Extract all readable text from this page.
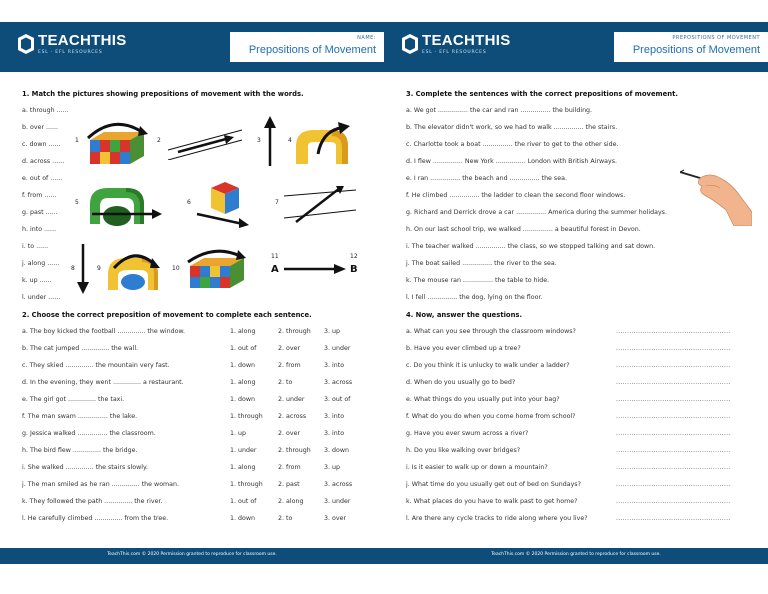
TEACHTHIS
ESL · EFL RESOURCES
NAME:
Prepositions of Movement
1. Match the pictures showing prepositions of movement with the words.
a. through ......
b. over ......
c. down ......
d. across ......
e. out of ......
f. from ......
g. past ......
h. into ......
i. to ......
j. along ......
k. up ......
l. under ......
1	2	3	4
5	6	7
8	9	10
11	12
A	B
2. Choose the correct preposition of movement to complete each sentence.
a. The boy kicked the football .............. the window.	1. along	2. through 3. up
b. The cat jumped .............. the wall.	1. out of	2. over	3. under
c. They skied .............. the mountain very fast.	1. down	2. from	3. into
d. In the evening, they went .............. a restaurant.	1. along	2. to	3. across
e. The girl got .............. the taxi.	1. down	2. under	3. out of
f. The man swam ............... the lake.	1. through 2. across	3. into
g. Jessica walked ............... the classroom.	1. up	2. over	3. into
h. The bird flew .............. the bridge.	1. under	2. through 3. down
i. She walked .............. the stairs slowly.	1. along	2. from	3. up
j. The man smiled as he ran .............. the woman.	1. through 2. past	3. across
k. They followed the path .............. the river.	1. out of	2. along	3. under
l. He carefully climbed .............. from the tree.	1. down	2. to	3. over
TeachThis.com © 2020 Permission granted to reproduce for classroom use.
TEACHTHIS
ESL · EFL RESOURCES
PREPOSITIONS OF MOVEMENT
Prepositions of Movement
3. Complete the sentences with the correct prepositions of movement.
a. We got ............... the car and ran ............... the building.
b. The elevator didn't work, so we had to walk ............... the stairs.
c. Charlotte took a boat ............... the river to get to the other side.
d. I flew ............... New York ............... London with British Airways.
e. I ran ............... the beach and ............... the sea.
f. He climbed ............... the ladder to clean the second floor windows.
g. Richard and Derrick drove a car ............... America during the summer holidays.
h. On our last school trip, we walked ............... a beautiful forest in Devon.
i. The teacher walked ............... the class, so we stopped talking and sat down.
j. The boat sailed ............... the river to the sea.
k. The mouse ran ............... the table to hide.
l. I fell ............... the dog, lying on the floor.
4. Now, answer the questions.
a. What can you see through the classroom windows?	....................................................
b. Have you ever climbed up a tree?	....................................................
c. Do you think it is unlucky to walk under a ladder?	....................................................
d. When do you usually go to bed?	....................................................
e. What things do you usually put into your bag?	....................................................
f. What do you do when you come home from school?	....................................................
g. Have you ever swum across a river?	....................................................
h. Do you like walking over bridges?	....................................................
i. Is it easier to walk up or down a mountain?	....................................................
j. What time do you usually get out of bed on Sundays?	....................................................
k. What places do you have to walk past to get home?	....................................................
l. Are there any cycle tracks to ride along where you live?	....................................................
TeachThis.com © 2020 Permission granted to reproduce for classroom use.
